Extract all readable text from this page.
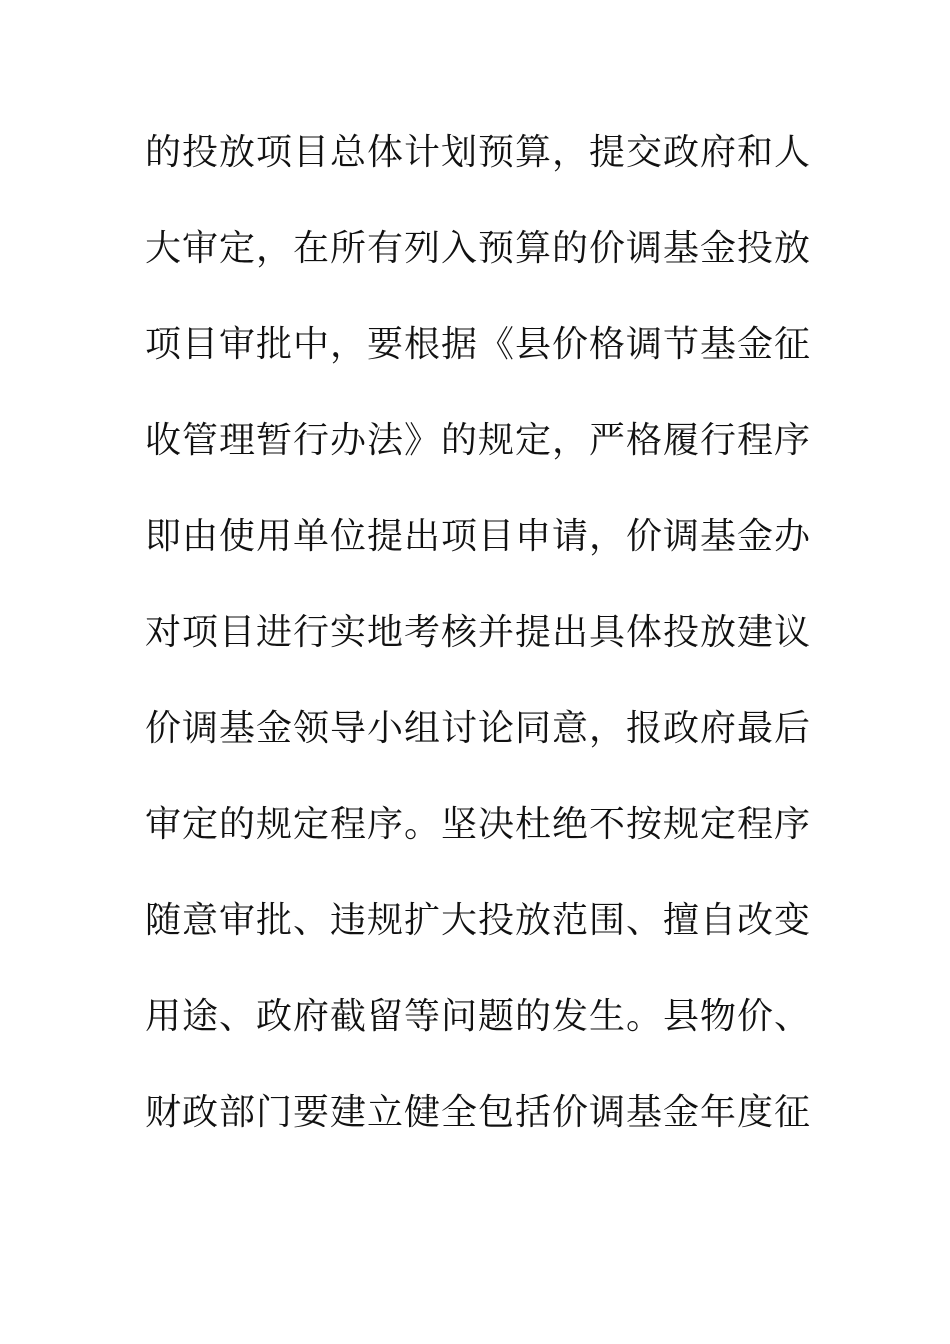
的投放项目总体计划预算，提交政府和人
大审定，在所有列入预算的价调基金投放
项目审批中，要根据《县价格调节基金征
收管理暂行办法》的规定，严格履行程序
即由使用单位提出项目申请，价调基金办
对项目进行实地考核并提出具体投放建议
价调基金领导小组讨论同意，报政府最后
审定的规定程序。坚决杜绝不按规定程序
随意审批、违规扩大投放范围、擅自改变
用途、政府截留等问题的发生。县物价、
财政部门要建立健全包括价调基金年度征
